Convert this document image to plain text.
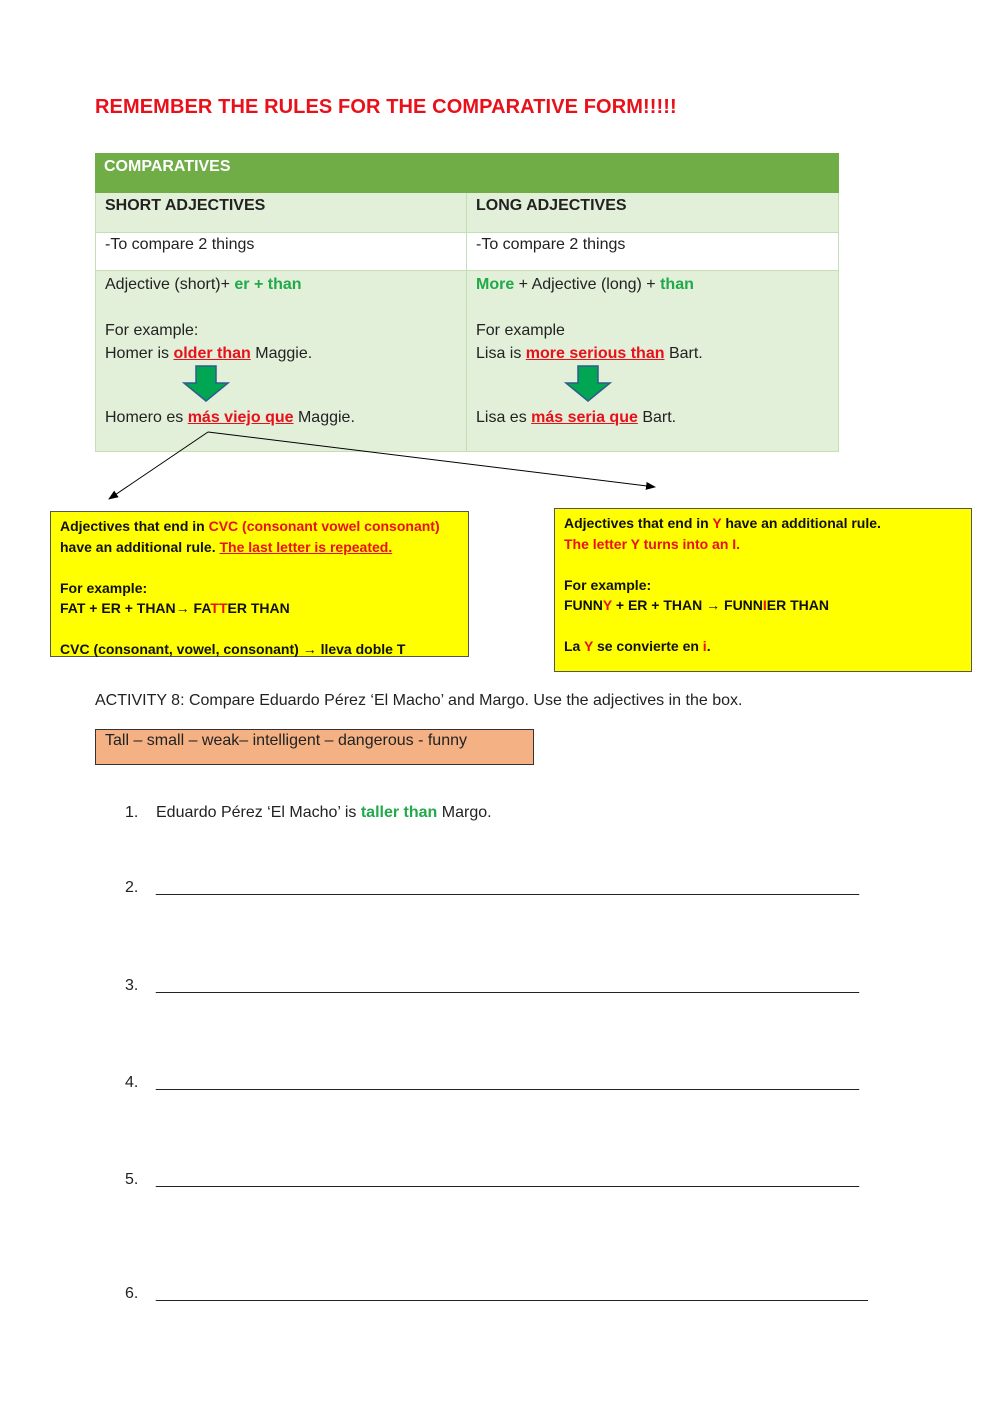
REMEMBER THE RULES FOR THE COMPARATIVE FORM!!!!!
COMPARATIVES
SHORT ADJECTIVES	LONG ADJECTIVES
-To compare 2 things	-To compare 2 things
Adjective (short)+ er + than
For example:
Homer is older than Maggie.
Homero es más viejo que Maggie.
More + Adjective (long) + than
For example
Lisa is more serious than Bart.
Lisa es más seria que Bart.
Adjectives that end in CVC (consonant vowel consonant)
have an additional rule. The last letter is repeated.
For example:
FAT + ER + THAN→ FATTER THAN
CVC (consonant, vowel, consonant) → lleva doble T
Adjectives that end in Y have an additional rule.
The letter Y turns into an I.
For example:
FUNNY + ER + THAN → FUNNIER THAN
La Y se convierte en i.
ACTIVITY 8: Compare Eduardo Pérez ‘El Macho’ and Margo. Use the adjectives in the box.
Tall – small – weak– intelligent – dangerous - funny
1. Eduardo Pérez ‘El Macho’ is taller than Margo.
2. _______________________________________________________________________________
3. _______________________________________________________________________________
4. _______________________________________________________________________________
5. _______________________________________________________________________________
6. ________________________________________________________________________________
